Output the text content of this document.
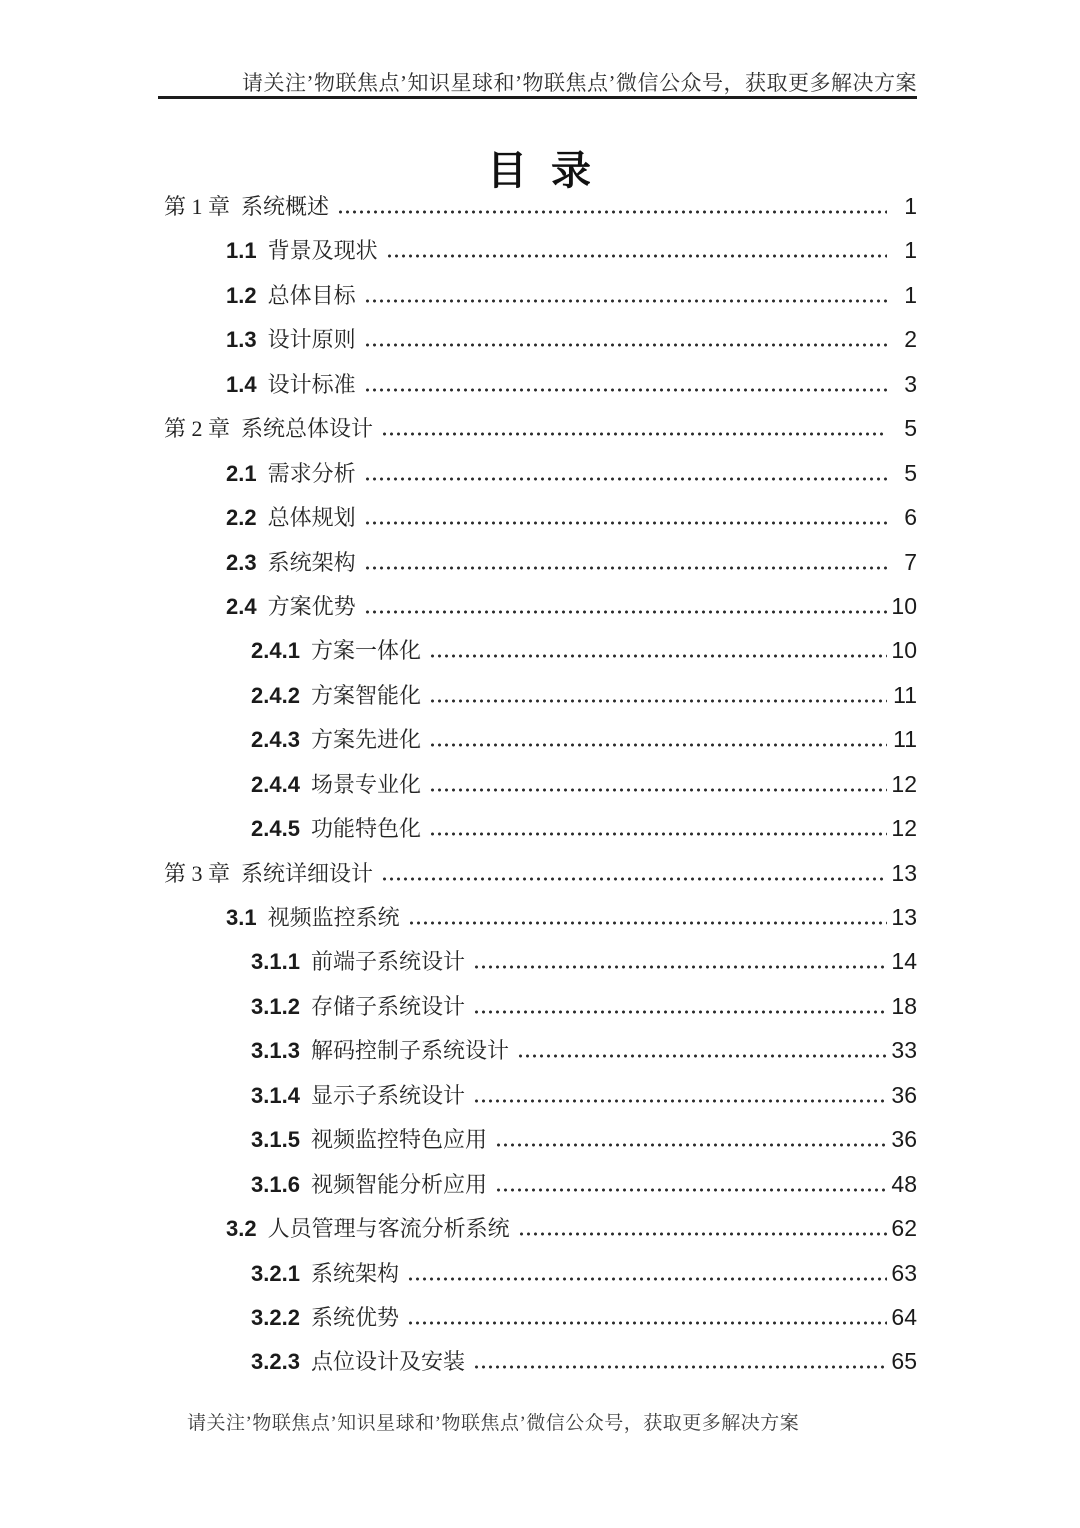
请关注’物联焦点’知识星球和’物联焦点’微信公众号，获取更多解决方案
目 录
第 1 章 系统概述	1
1.1 背景及现状	1
1.2 总体目标	1
1.3 设计原则	2
1.4 设计标准	3
第 2 章 系统总体设计	5
2.1 需求分析	5
2.2 总体规划	6
2.3 系统架构	7
2.4 方案优势	10
2.4.1 方案一体化	10
2.4.2 方案智能化	11
2.4.3 方案先进化	11
2.4.4 场景专业化	12
2.4.5 功能特色化	12
第 3 章 系统详细设计	13
3.1 视频监控系统	13
3.1.1 前端子系统设计	14
3.1.2 存储子系统设计	18
3.1.3 解码控制子系统设计	33
3.1.4 显示子系统设计	36
3.1.5 视频监控特色应用	36
3.1.6 视频智能分析应用	48
3.2 人员管理与客流分析系统	62
3.2.1 系统架构	63
3.2.2 系统优势	64
3.2.3 点位设计及安装	65
请关注’物联焦点’知识星球和’物联焦点’微信公众号，获取更多解决方案
